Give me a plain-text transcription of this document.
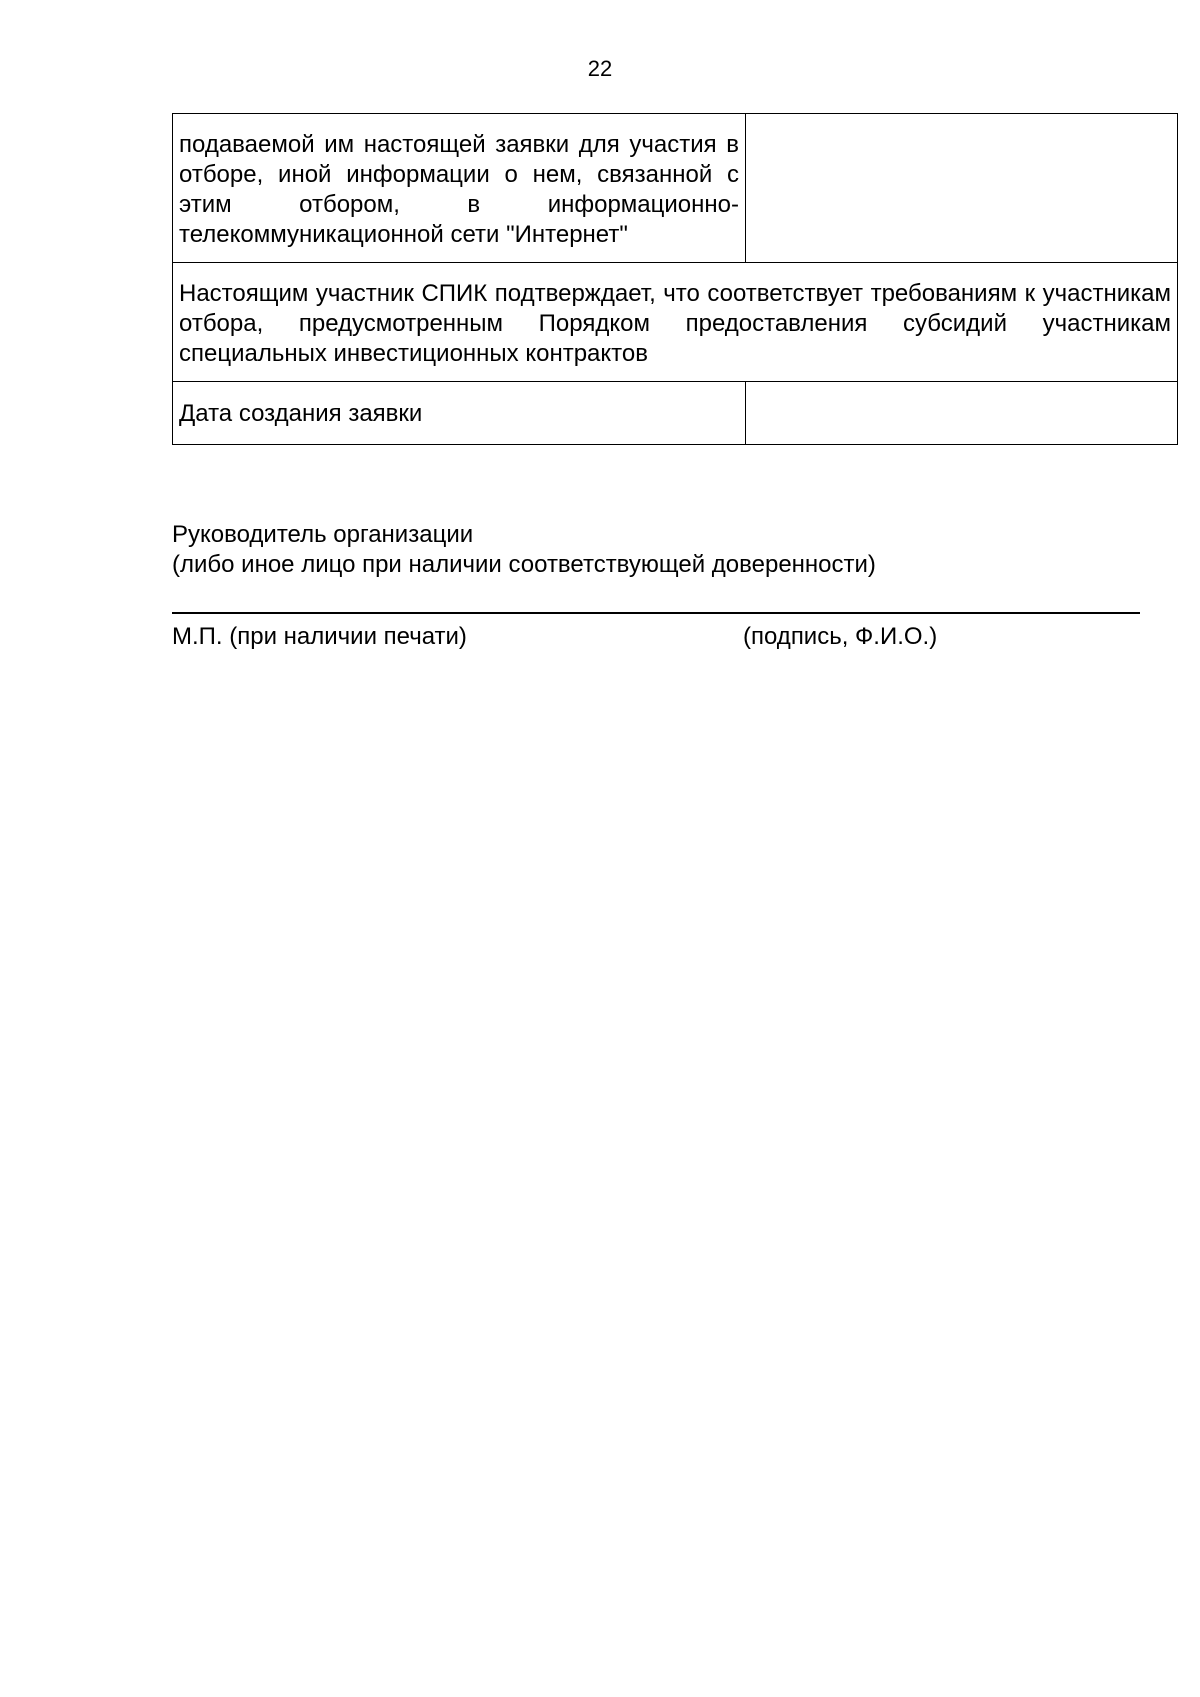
22
подаваемой им настоящей заявки для участия в отборе, иной информации о нем, связанной с этим отбором, в информационно-телекоммуникационной сети "Интернет"	

Настоящим участник СПИК подтверждает, что соответствует требованиям к участникам отбора, предусмотренным Порядком предоставления субсидий участникам специальных инвестиционных контрактов	

Дата создания заявки	

Руководитель организации
(либо иное лицо при наличии соответствующей доверенности)
М.П. (при наличии печати)	(подпись, Ф.И.О.)
